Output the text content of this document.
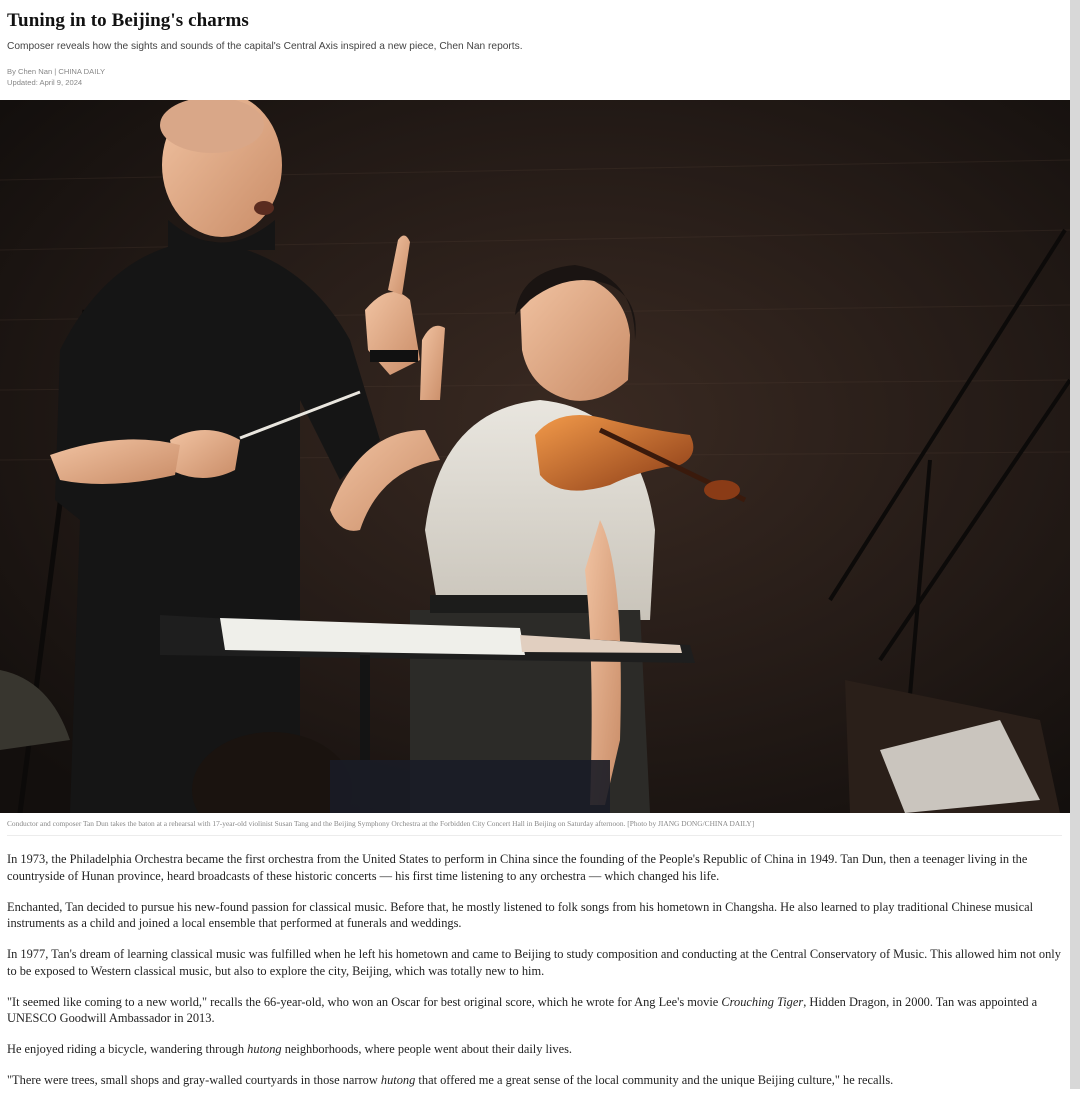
Tuning in to Beijing's charms

Composer reveals how the sights and sounds of the capital's Central Axis inspired a new piece, Chen Nan reports.

By Chen Nan | CHINA DAILY
Updated: April 9, 2024
Conductor and composer Tan Dun takes the baton at a rehearsal with 17-year-old violinist Susan Tang and the Beijing Symphony Orchestra at the Forbidden City Concert Hall in Beijing on Saturday afternoon. [Photo by JIANG DONG/CHINA DAILY]

In 1973, the Philadelphia Orchestra became the first orchestra from the United States to perform in China since the founding of the People's Republic of China in 1949. Tan Dun, then a teenager living in the countryside of Hunan province, heard broadcasts of these historic concerts — his first time listening to any orchestra — which changed his life.

Enchanted, Tan decided to pursue his new-found passion for classical music. Before that, he mostly listened to folk songs from his hometown in Changsha. He also learned to play traditional Chinese musical instruments as a child and joined a local ensemble that performed at funerals and weddings.

In 1977, Tan's dream of learning classical music was fulfilled when he left his hometown and came to Beijing to study composition and conducting at the Central Conservatory of Music. This allowed him not only to be exposed to Western classical music, but also to explore the city, Beijing, which was totally new to him.

"It seemed like coming to a new world," recalls the 66-year-old, who won an Oscar for best original score, which he wrote for Ang Lee's movie Crouching Tiger, Hidden Dragon, in 2000. Tan was appointed a UNESCO Goodwill Ambassador in 2013.

He enjoyed riding a bicycle, wandering through hutong neighborhoods, where people went about their daily lives.

"There were trees, small shops and gray-walled courtyards in those narrow hutong that offered me a great sense of the local community and the unique Beijing culture," he recalls.
